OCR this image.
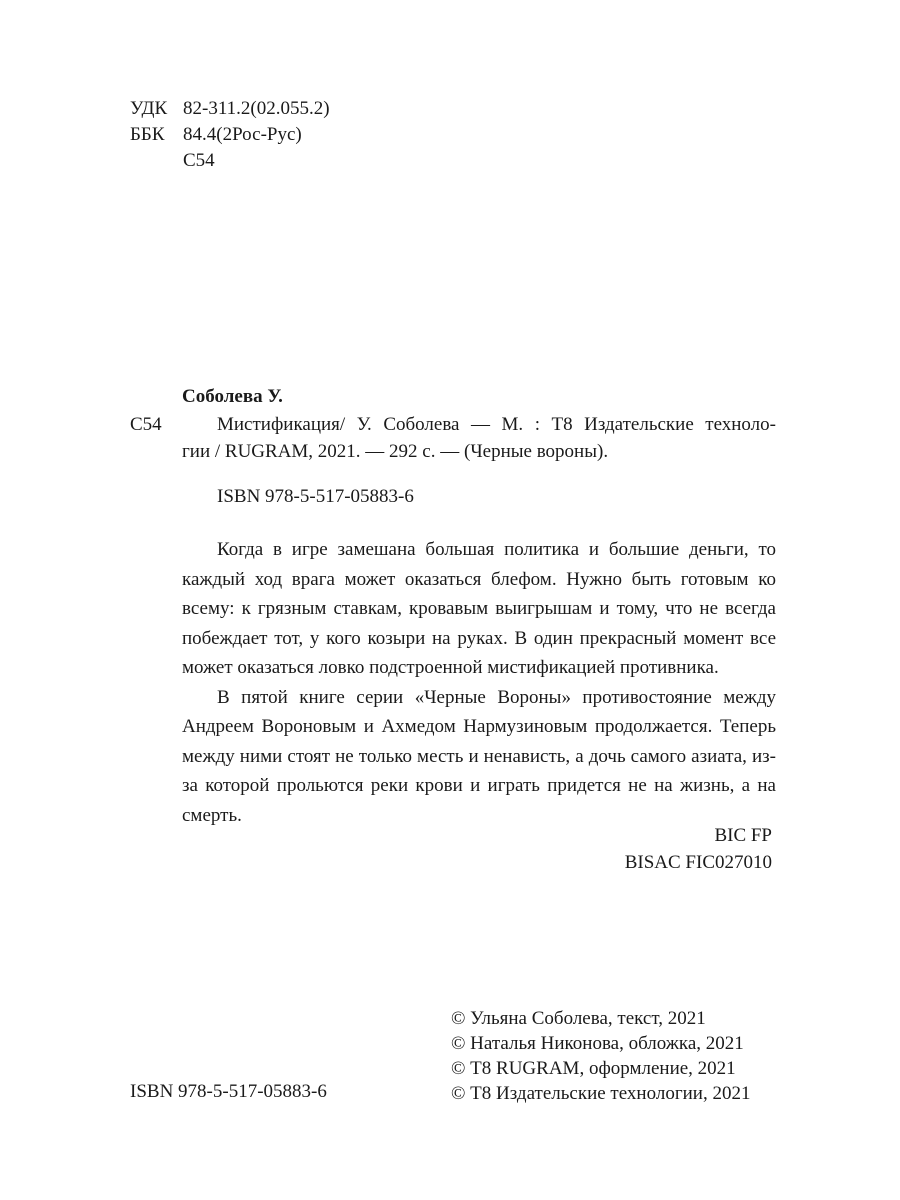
УДК 82-311.2(02.055.2)
ББК 84.4(2Рос-Рус)
С54
Соболева У.
С54	Мистификация/ У. Соболева — М. : Т8 Издательские техноло-
гии / RUGRAM, 2021. — 292 с. — (Черные вороны).
ISBN 978-5-517-05883-6

Когда в игре замешана большая политика и большие деньги, то каждый ход врага может оказаться блефом. Нужно быть готовым ко всему: к грязным ставкам, кровавым выигрышам и тому, что не всегда побеждает тот, у кого козыри на руках. В один прекрасный момент все может оказаться ловко подстроенной мистификацией противника.

В пятой книге серии «Черные Вороны» противостояние между Андреем Вороновым и Ахмедом Нармузиновым продолжается. Теперь между ними стоят не только месть и ненависть, а дочь самого азиата, из-за которой прольются реки крови и играть придется не на жизнь, а на смерть.

BIC FP
BISAC FIC027010
© Ульяна Соболева, текст, 2021
© Наталья Никонова, обложка, 2021
© Т8 RUGRAM, оформление, 2021
© Т8 Издательские технологии, 2021
ISBN 978-5-517-05883-6
